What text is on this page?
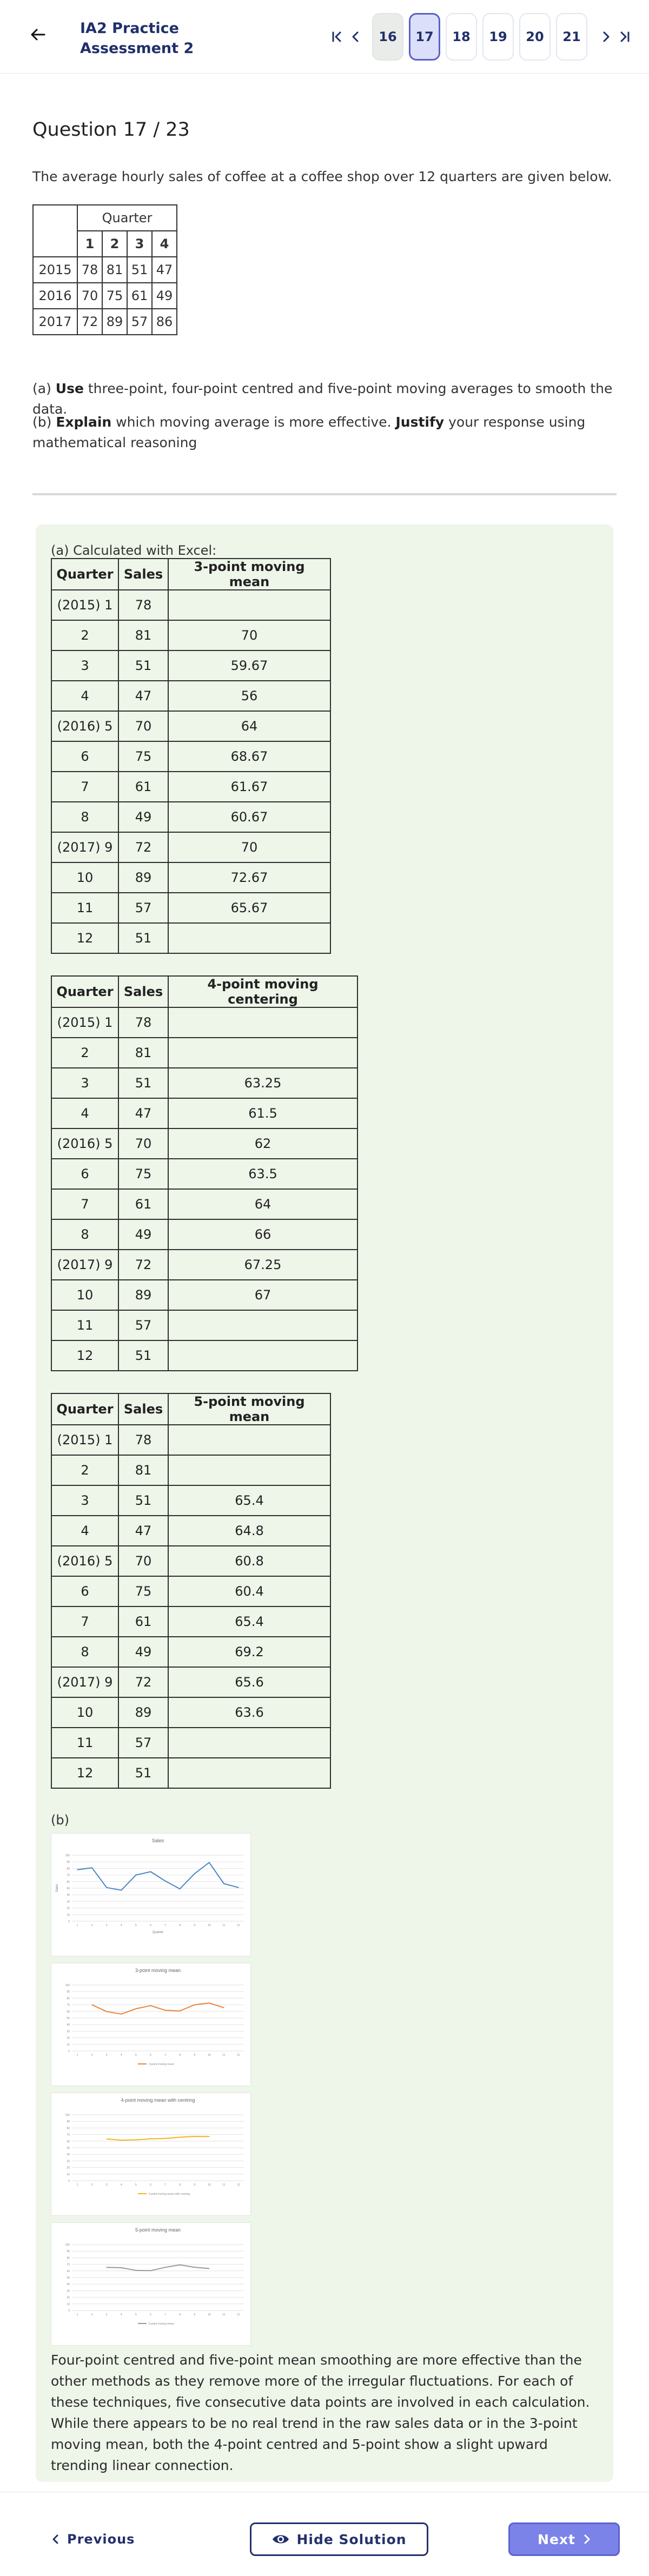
IA2 Practice Assessment 2
16	17	18	19	20	21
Question 17 / 23
The average hourly sales of coffee at a coffee shop over 12 quarters are given below.
	Quarter			
	1	2	3	4
2015	78	81	51	47
2016	70	75	61	49
2017	72	89	57	86
(a) Use three-point, four-point centred and five-point moving averages to smooth the data.
(b) Explain which moving average is more effective. Justify your response using mathematical reasoning
(a) Calculated with Excel:
Quarter	Sales	3-point moving mean
(2015) 1	78	
2	81	70
3	51	59.67
4	47	56
(2016) 5	70	64
6	75	68.67
7	61	61.67
8	49	60.67
(2017) 9	72	70
10	89	72.67
11	57	65.67
12	51	
Quarter	Sales	4-point moving centering
(2015) 1	78	
2	81	
3	51	63.25
4	47	61.5
(2016) 5	70	62
6	75	63.5
7	61	64
8	49	66
(2017) 9	72	67.25
10	89	67
11	57	
12	51	
Quarter	Sales	5-point moving mean
(2015) 1	78	
2	81	
3	51	65.4
4	47	64.8
(2016) 5	70	60.8
6	75	60.4
7	61	65.4
8	49	69.2
(2017) 9	72	65.6
10	89	63.6
11	57	
12	51	
(b)
Sales
0
10
20
30
40
50
60
70
80
90
100
1	2	3	4	5	6	7	8	9	10	11	12
Quarter
Sales
3-point moving mean
0
10
20
30
40
50
60
70
80
90
100
1	2	3	4	5	6	7	8	9	10	11	12
3-point moving mean
4-point moving mean with centring
0
10
20
30
40
50
60
70
80
90
100
1	2	3	4	5	6	7	8	9	10	11	12
4-point moving mean with centring
5-point moving mean
0
10
20
30
40
50
60
70
80
90
100
1	2	3	4	5	6	7	8	9	10	11	12
5-point moving mean
Four-point centred and five-point mean smoothing are more effective than the other methods as they remove more of the irregular fluctuations. For each of these techniques, five consecutive data points are involved in each calculation.
While there appears to be no real trend in the raw sales data or in the 3-point moving mean, both the 4-point centred and 5-point show a slight upward trending linear connection.
Previous	Hide Solution	Next
